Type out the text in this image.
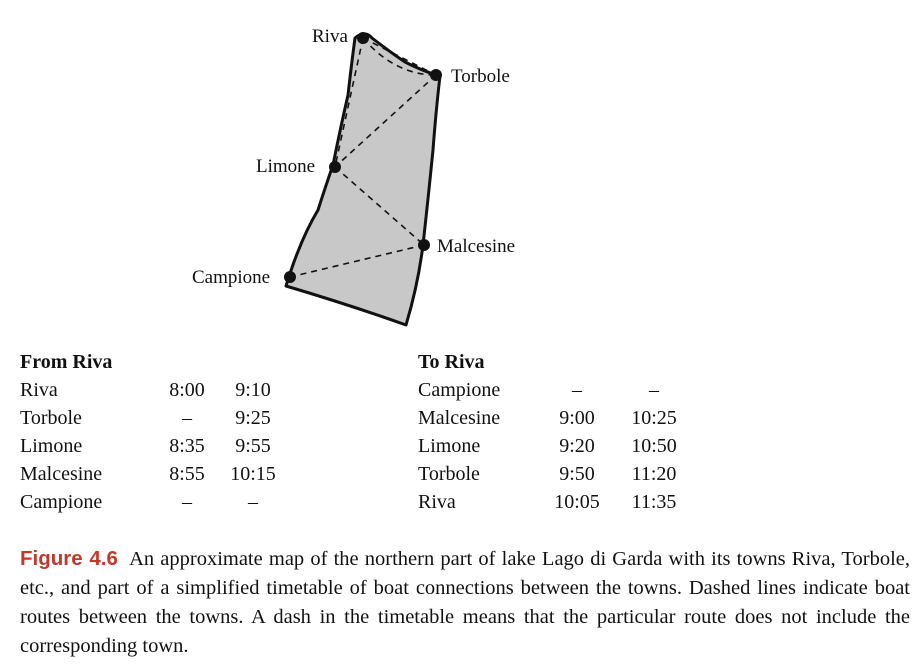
Riva
Torbole
Limone
Malcesine
Campione
From Riva		
Riva	8:00	9:10
Torbole	–	9:25
Limone	8:35	9:55
Malcesine	8:55	10:15
Campione	–	–
To Riva		
Campione	–	–
Malcesine	9:00	10:25
Limone	9:20	10:50
Torbole	9:50	11:20
Riva	10:05	11:35
Figure 4.6 An approximate map of the northern part of lake Lago di Garda with its towns Riva, Torbole, etc., and part of a simplified timetable of boat connections between the towns. Dashed lines indicate boat routes between the towns. A dash in the timetable means that the particular route does not include the corresponding town.
